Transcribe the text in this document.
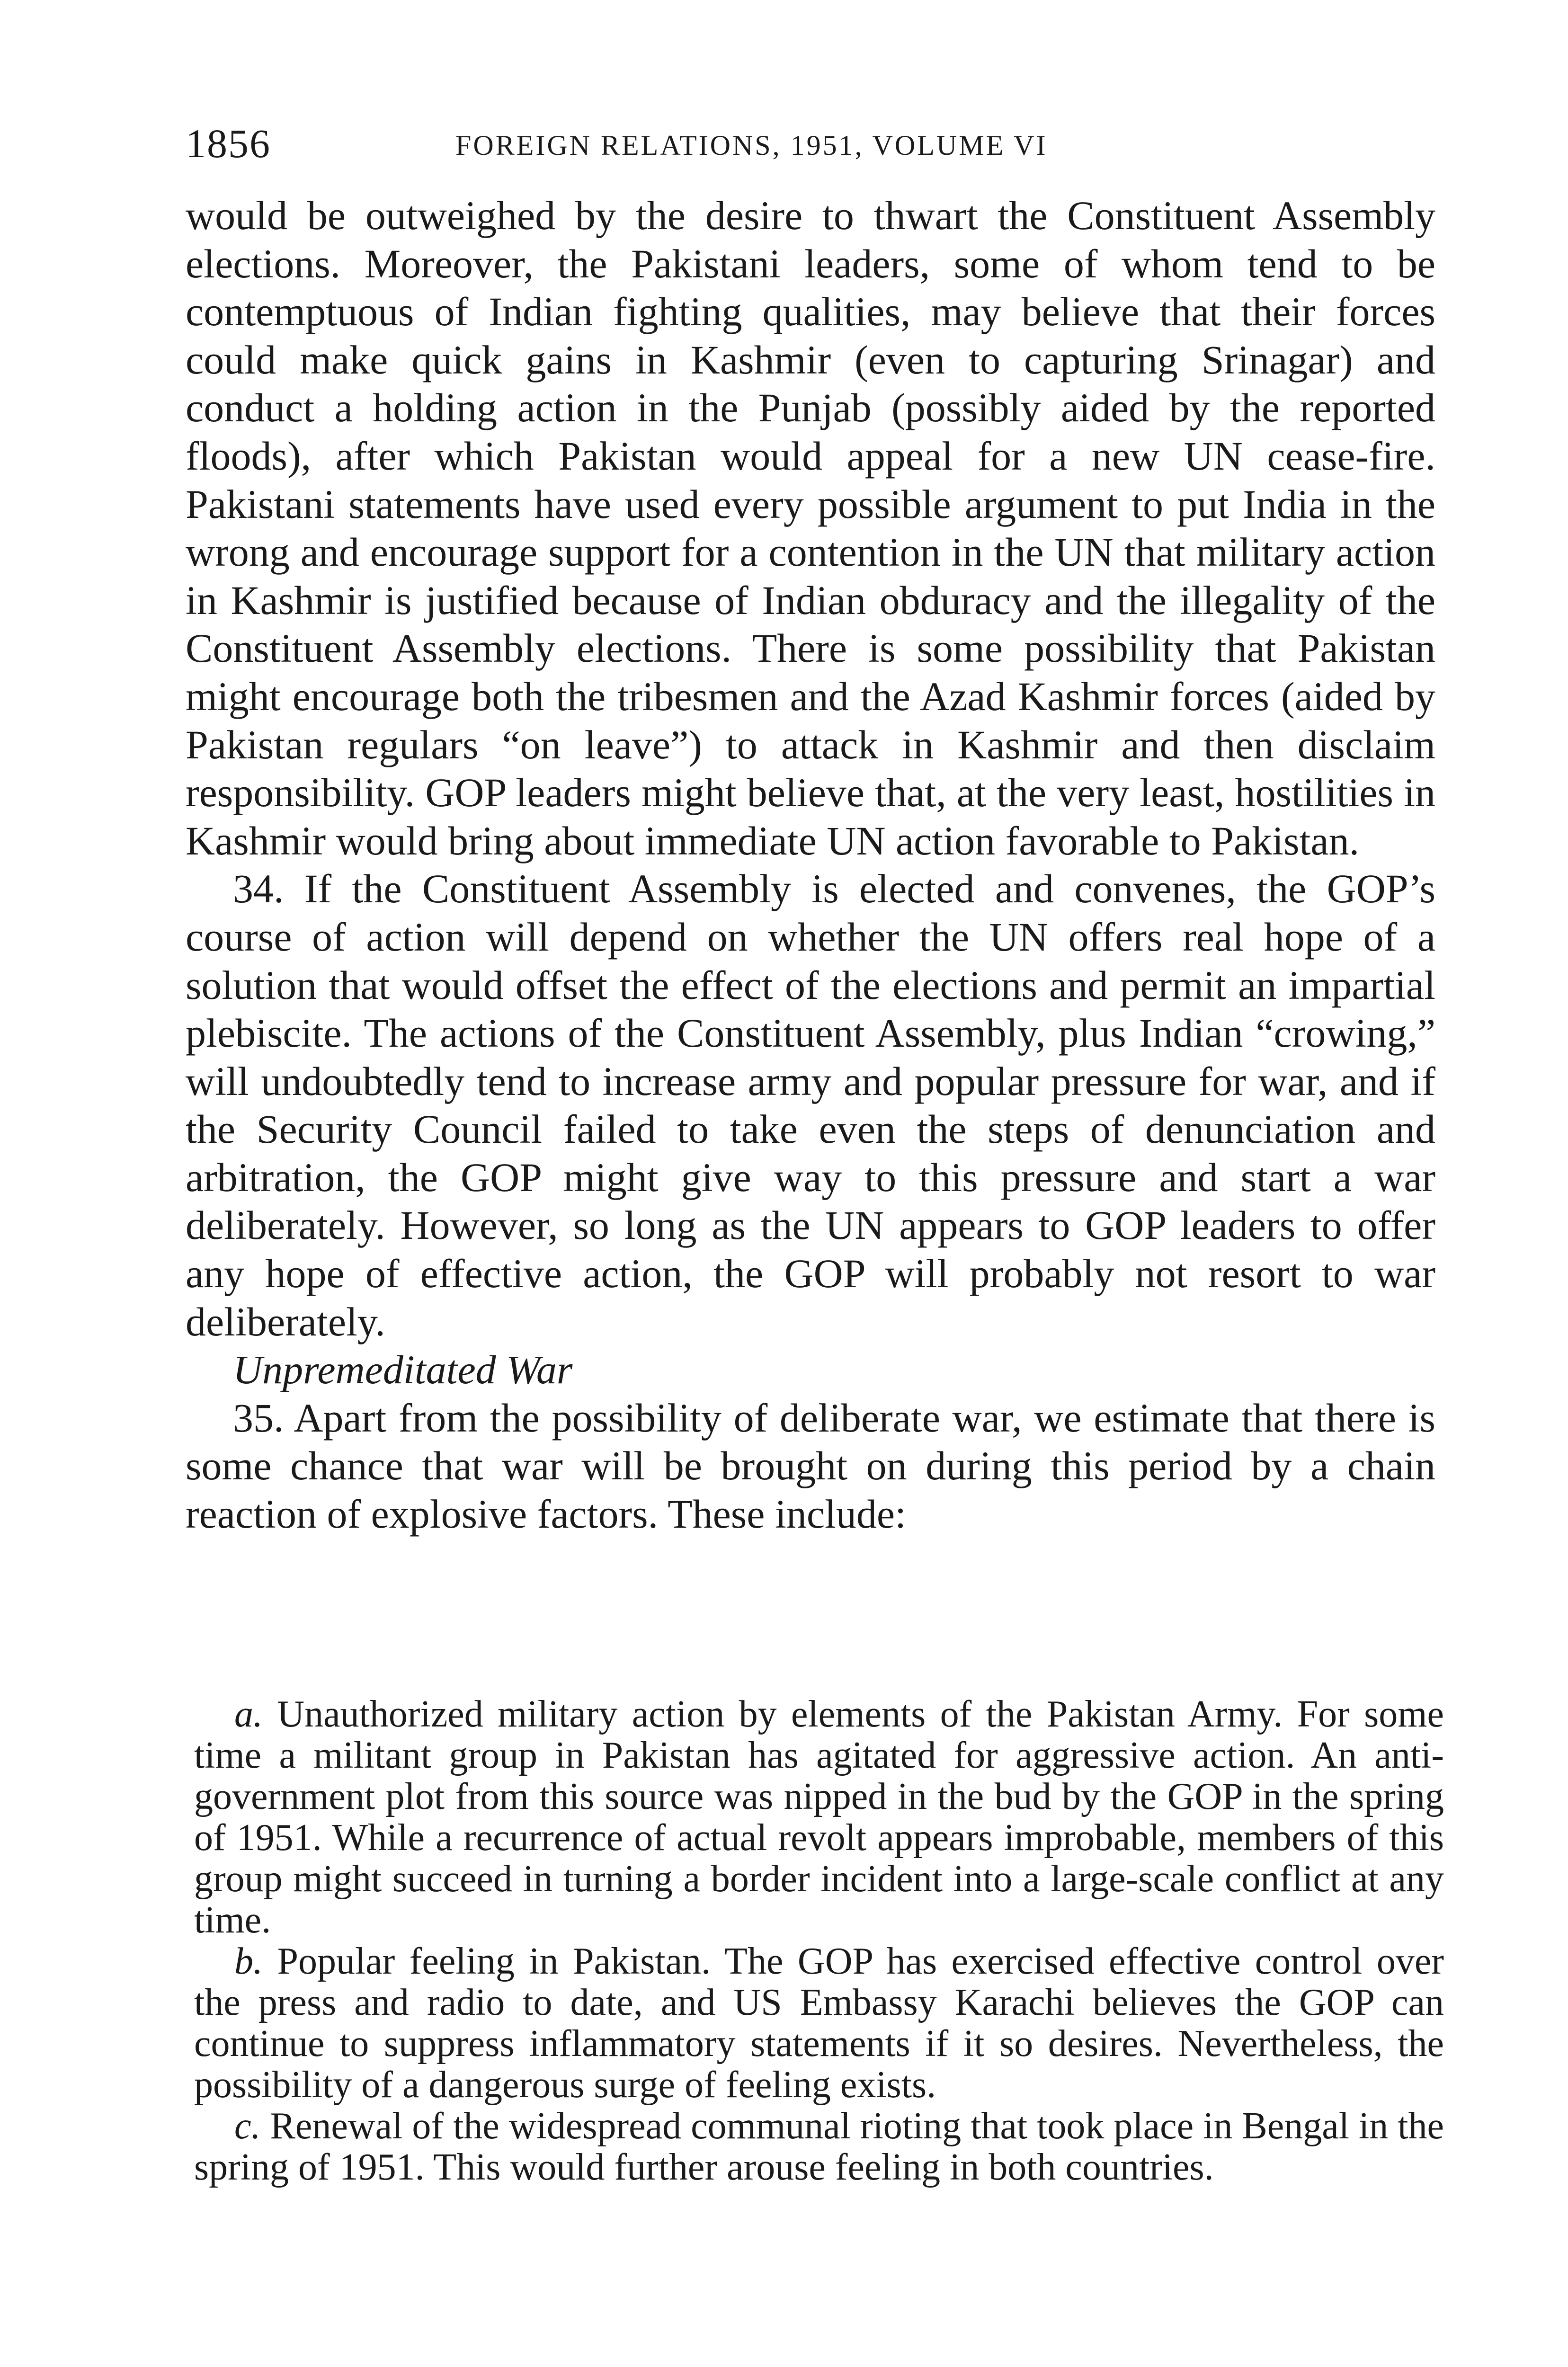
1856	FOREIGN RELATIONS, 1951, VOLUME VI

would be outweighed by the desire to thwart the Constituent Assembly elections. Moreover, the Pakistani leaders, some of whom tend to be contemptuous of Indian fighting qualities, may believe that their forces could make quick gains in Kashmir (even to capturing Srinagar) and conduct a holding action in the Punjab (possibly aided by the reported floods), after which Pakistan would appeal for a new UN cease-fire. Pakistani statements have used every possible argument to put India in the wrong and encourage support for a contention in the UN that military action in Kashmir is justified because of Indian obduracy and the illegality of the Constituent Assembly elections. There is some possibility that Pakistan might encourage both the tribesmen and the Azad Kashmir forces (aided by Pakistan regulars “on leave”) to attack in Kashmir and then disclaim responsibility. GOP leaders might believe that, at the very least, hostilities in Kashmir would bring about immediate UN action favorable to Pakistan.

34. If the Constituent Assembly is elected and convenes, the GOP’s course of action will depend on whether the UN offers real hope of a solution that would offset the effect of the elections and permit an impartial plebiscite. The actions of the Constituent Assembly, plus Indian “crowing,” will undoubtedly tend to increase army and popular pressure for war, and if the Security Council failed to take even the steps of denunciation and arbitration, the GOP might give way to this pressure and start a war deliberately. However, so long as the UN appears to GOP leaders to offer any hope of effective action, the GOP will probably not resort to war deliberately.

Unpremeditated War

35. Apart from the possibility of deliberate war, we estimate that there is some chance that war will be brought on during this period by a chain reaction of explosive factors. These include:

a. Unauthorized military action by elements of the Pakistan Army. For some time a militant group in Pakistan has agitated for aggressive action. An anti-government plot from this source was nipped in the bud by the GOP in the spring of 1951. While a recurrence of actual revolt appears improbable, members of this group might succeed in turning a border incident into a large-scale conflict at any time.

b. Popular feeling in Pakistan. The GOP has exercised effective control over the press and radio to date, and US Embassy Karachi believes the GOP can continue to suppress inflammatory statements if it so desires. Nevertheless, the possibility of a dangerous surge of feeling exists.

c. Renewal of the widespread communal rioting that took place in Bengal in the spring of 1951. This would further arouse feeling in both countries.
